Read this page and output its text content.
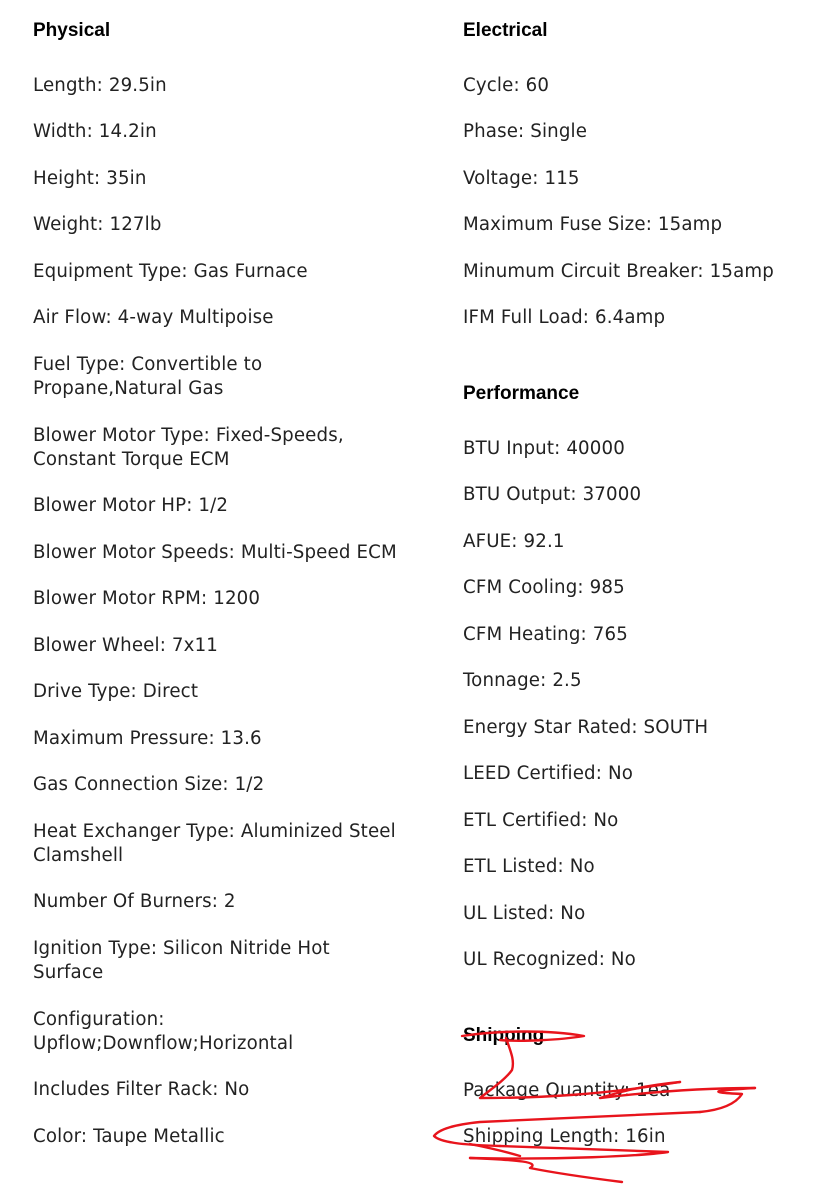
Physical
Length: 29.5in
Width: 14.2in
Height: 35in
Weight: 127lb
Equipment Type: Gas Furnace
Air Flow: 4-way Multipoise
Fuel Type: Convertible to Propane,Natural Gas
Blower Motor Type: Fixed-Speeds, Constant Torque ECM
Blower Motor HP: 1/2
Blower Motor Speeds: Multi-Speed ECM
Blower Motor RPM: 1200
Blower Wheel: 7x11
Drive Type: Direct
Maximum Pressure: 13.6
Gas Connection Size: 1/2
Heat Exchanger Type: Aluminized Steel Clamshell
Number Of Burners: 2
Ignition Type: Silicon Nitride Hot Surface
Configuration: Upflow;Downflow;Horizontal
Includes Filter Rack: No
Color: Taupe Metallic
Electrical
Cycle: 60
Phase: Single
Voltage: 115
Maximum Fuse Size: 15amp
Minumum Circuit Breaker: 15amp
IFM Full Load: 6.4amp
Performance
BTU Input: 40000
BTU Output: 37000
AFUE: 92.1
CFM Cooling: 985
CFM Heating: 765
Tonnage: 2.5
Energy Star Rated: SOUTH
LEED Certified: No
ETL Certified: No
ETL Listed: No
UL Listed: No
UL Recognized: No
Shipping
Package Quantity: 1ea
Shipping Length: 16in
